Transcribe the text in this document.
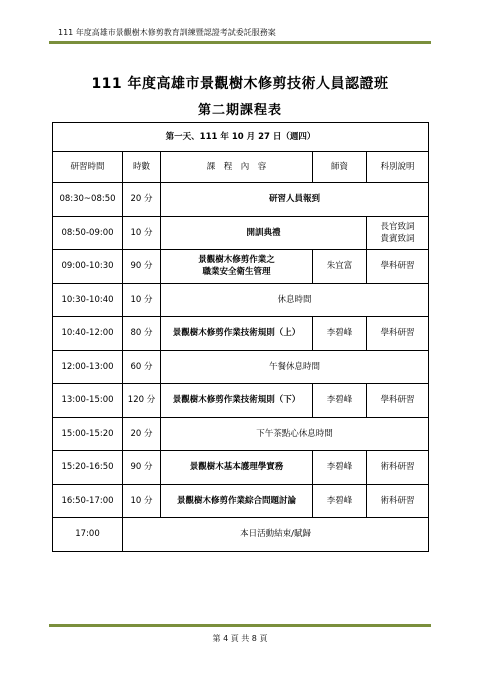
111 年度高雄市景觀樹木修剪教育訓練暨認證考試委託服務案
111 年度高雄市景觀樹木修剪技術人員認證班
第二期課程表
第一天、111 年 10 月 27 日（週四）				
研習時間	時數	課　程　內　容	師資	科別說明
08:30~08:50	20 分	研習人員報到		
08:50-09:00	10 分	開訓典禮		長官致詞
貴賓致詞

09:00-10:30	90 分	景觀樹木修剪作業之
職業安全衛生管理	朱宜富	學科研習
10:30-10:40	10 分	休息時間		
10:40-12:00	80 分	景觀樹木修剪作業技術規則（上）	李碧峰	學科研習
12:00-13:00	60 分	午餐休息時間		
13:00-15:00	120 分	景觀樹木修剪作業技術規則（下）	李碧峰	學科研習
15:00-15:20	20 分	下午茶點心休息時間		
15:20-16:50	90 分	景觀樹木基本護理學實務	李碧峰	術科研習
16:50-17:00	10 分	景觀樹木修剪作業綜合問題討論	李碧峰	術科研習
17:00	本日活動結束/賦歸			
第 4 頁 共 8 頁
